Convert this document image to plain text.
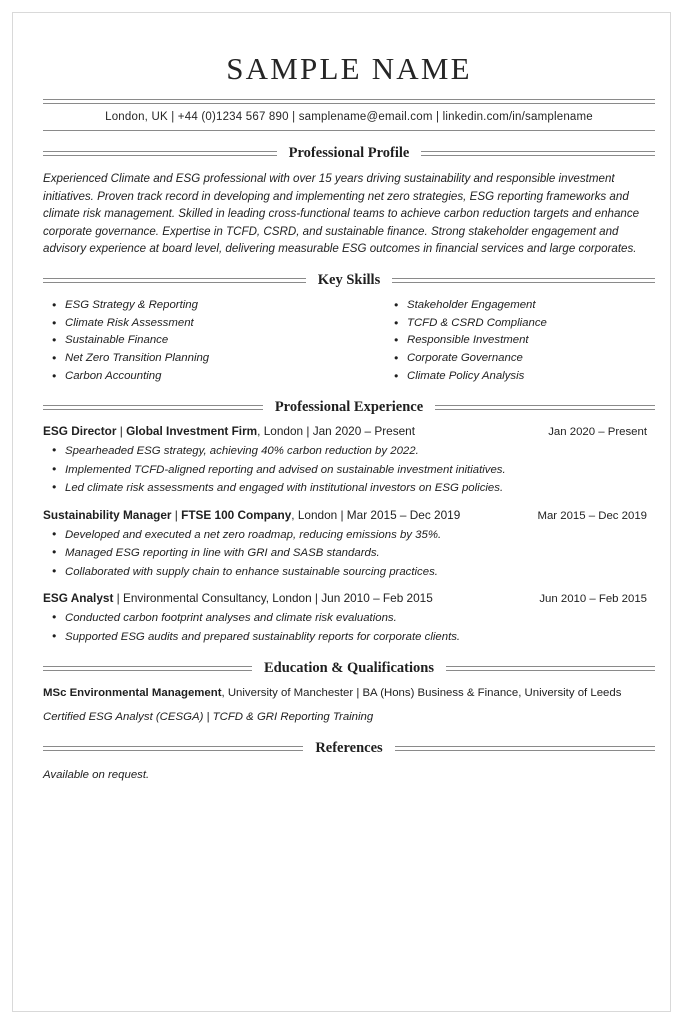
SAMPLE NAME
London, UK | +44 (0)1234 567 890 | samplename@email.com | linkedin.com/in/samplename
Professional Profile
Experienced Climate and ESG professional with over 15 years driving sustainability and responsible investment initiatives. Proven track record in developing and implementing net zero strategies, ESG reporting frameworks and climate risk management. Skilled in leading cross-functional teams to achieve carbon reduction targets and enhance corporate governance. Expertise in TCFD, CSRD, and sustainable finance. Strong stakeholder engagement and advisory experience at board level, delivering measurable ESG outcomes in financial services and large corporates.
Key Skills
• ESG Strategy & Reporting
• Climate Risk Assessment
• Sustainable Finance
• Net Zero Transition Planning
• Carbon Accounting
• Stakeholder Engagement
• TCFD & CSRD Compliance
• Responsible Investment
• Corporate Governance
• Climate Policy Analysis
Professional Experience
ESG Director | Global Investment Firm, London | Jan 2020 – Present	Jan 2020 – Present
• Spearheaded ESG strategy, achieving 40% carbon reduction by 2022.
• Implemented TCFD-aligned reporting and advised on sustainable investment initiatives.
• Led climate risk assessments and engaged with institutional investors on ESG policies.
Sustainability Manager | FTSE 100 Company, London | Mar 2015 – Dec 2019	Mar 2015 – Dec 2019
• Developed and executed a net zero roadmap, reducing emissions by 35%.
• Managed ESG reporting in line with GRI and SASB standards.
• Collaborated with supply chain to enhance sustainable sourcing practices.
ESG Analyst | Environmental Consultancy, London | Jun 2010 – Feb 2015	Jun 2010 – Feb 2015
• Conducted carbon footprint analyses and climate risk evaluations.
• Supported ESG audits and prepared sustainablity reports for corporate clients.
Education & Qualifications
MSc Environmental Management, University of Manchester | BA (Hons) Business & Finance, University of Leeds
Certified ESG Analyst (CESGA) | TCFD & GRI Reporting Training
References
Available on request.
